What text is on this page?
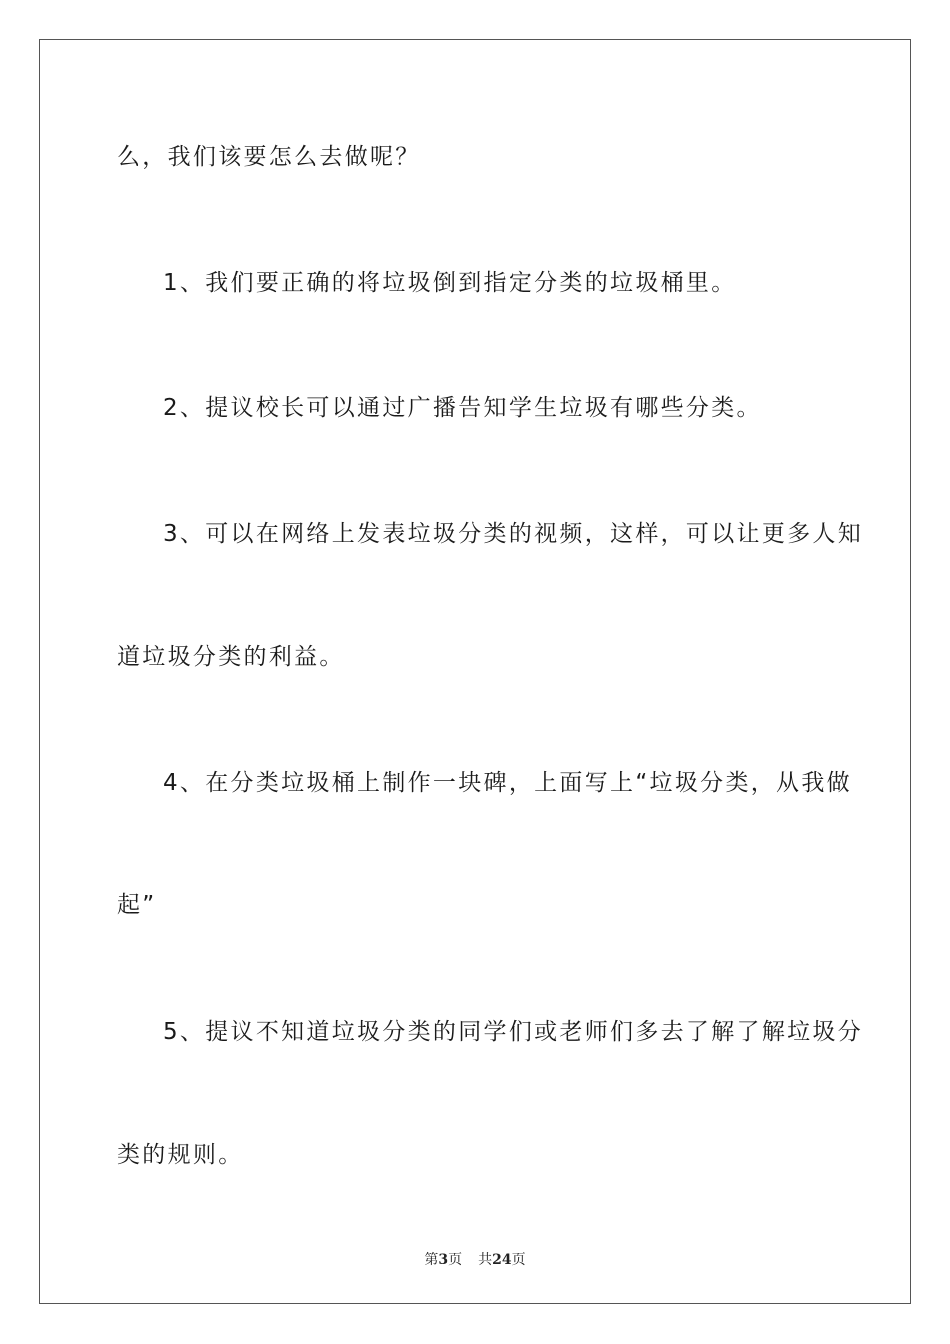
么，我们该要怎么去做呢？
1、我们要正确的将垃圾倒到指定分类的垃圾桶里。
2、提议校长可以通过广播告知学生垃圾有哪些分类。
3、可以在网络上发表垃圾分类的视频，这样，可以让更多人知
道垃圾分类的利益。
4、在分类垃圾桶上制作一块碑，上面写上“垃圾分类，从我做
起”
5、提议不知道垃圾分类的同学们或老师们多去了解了解垃圾分
类的规则。
第3页 共24页
